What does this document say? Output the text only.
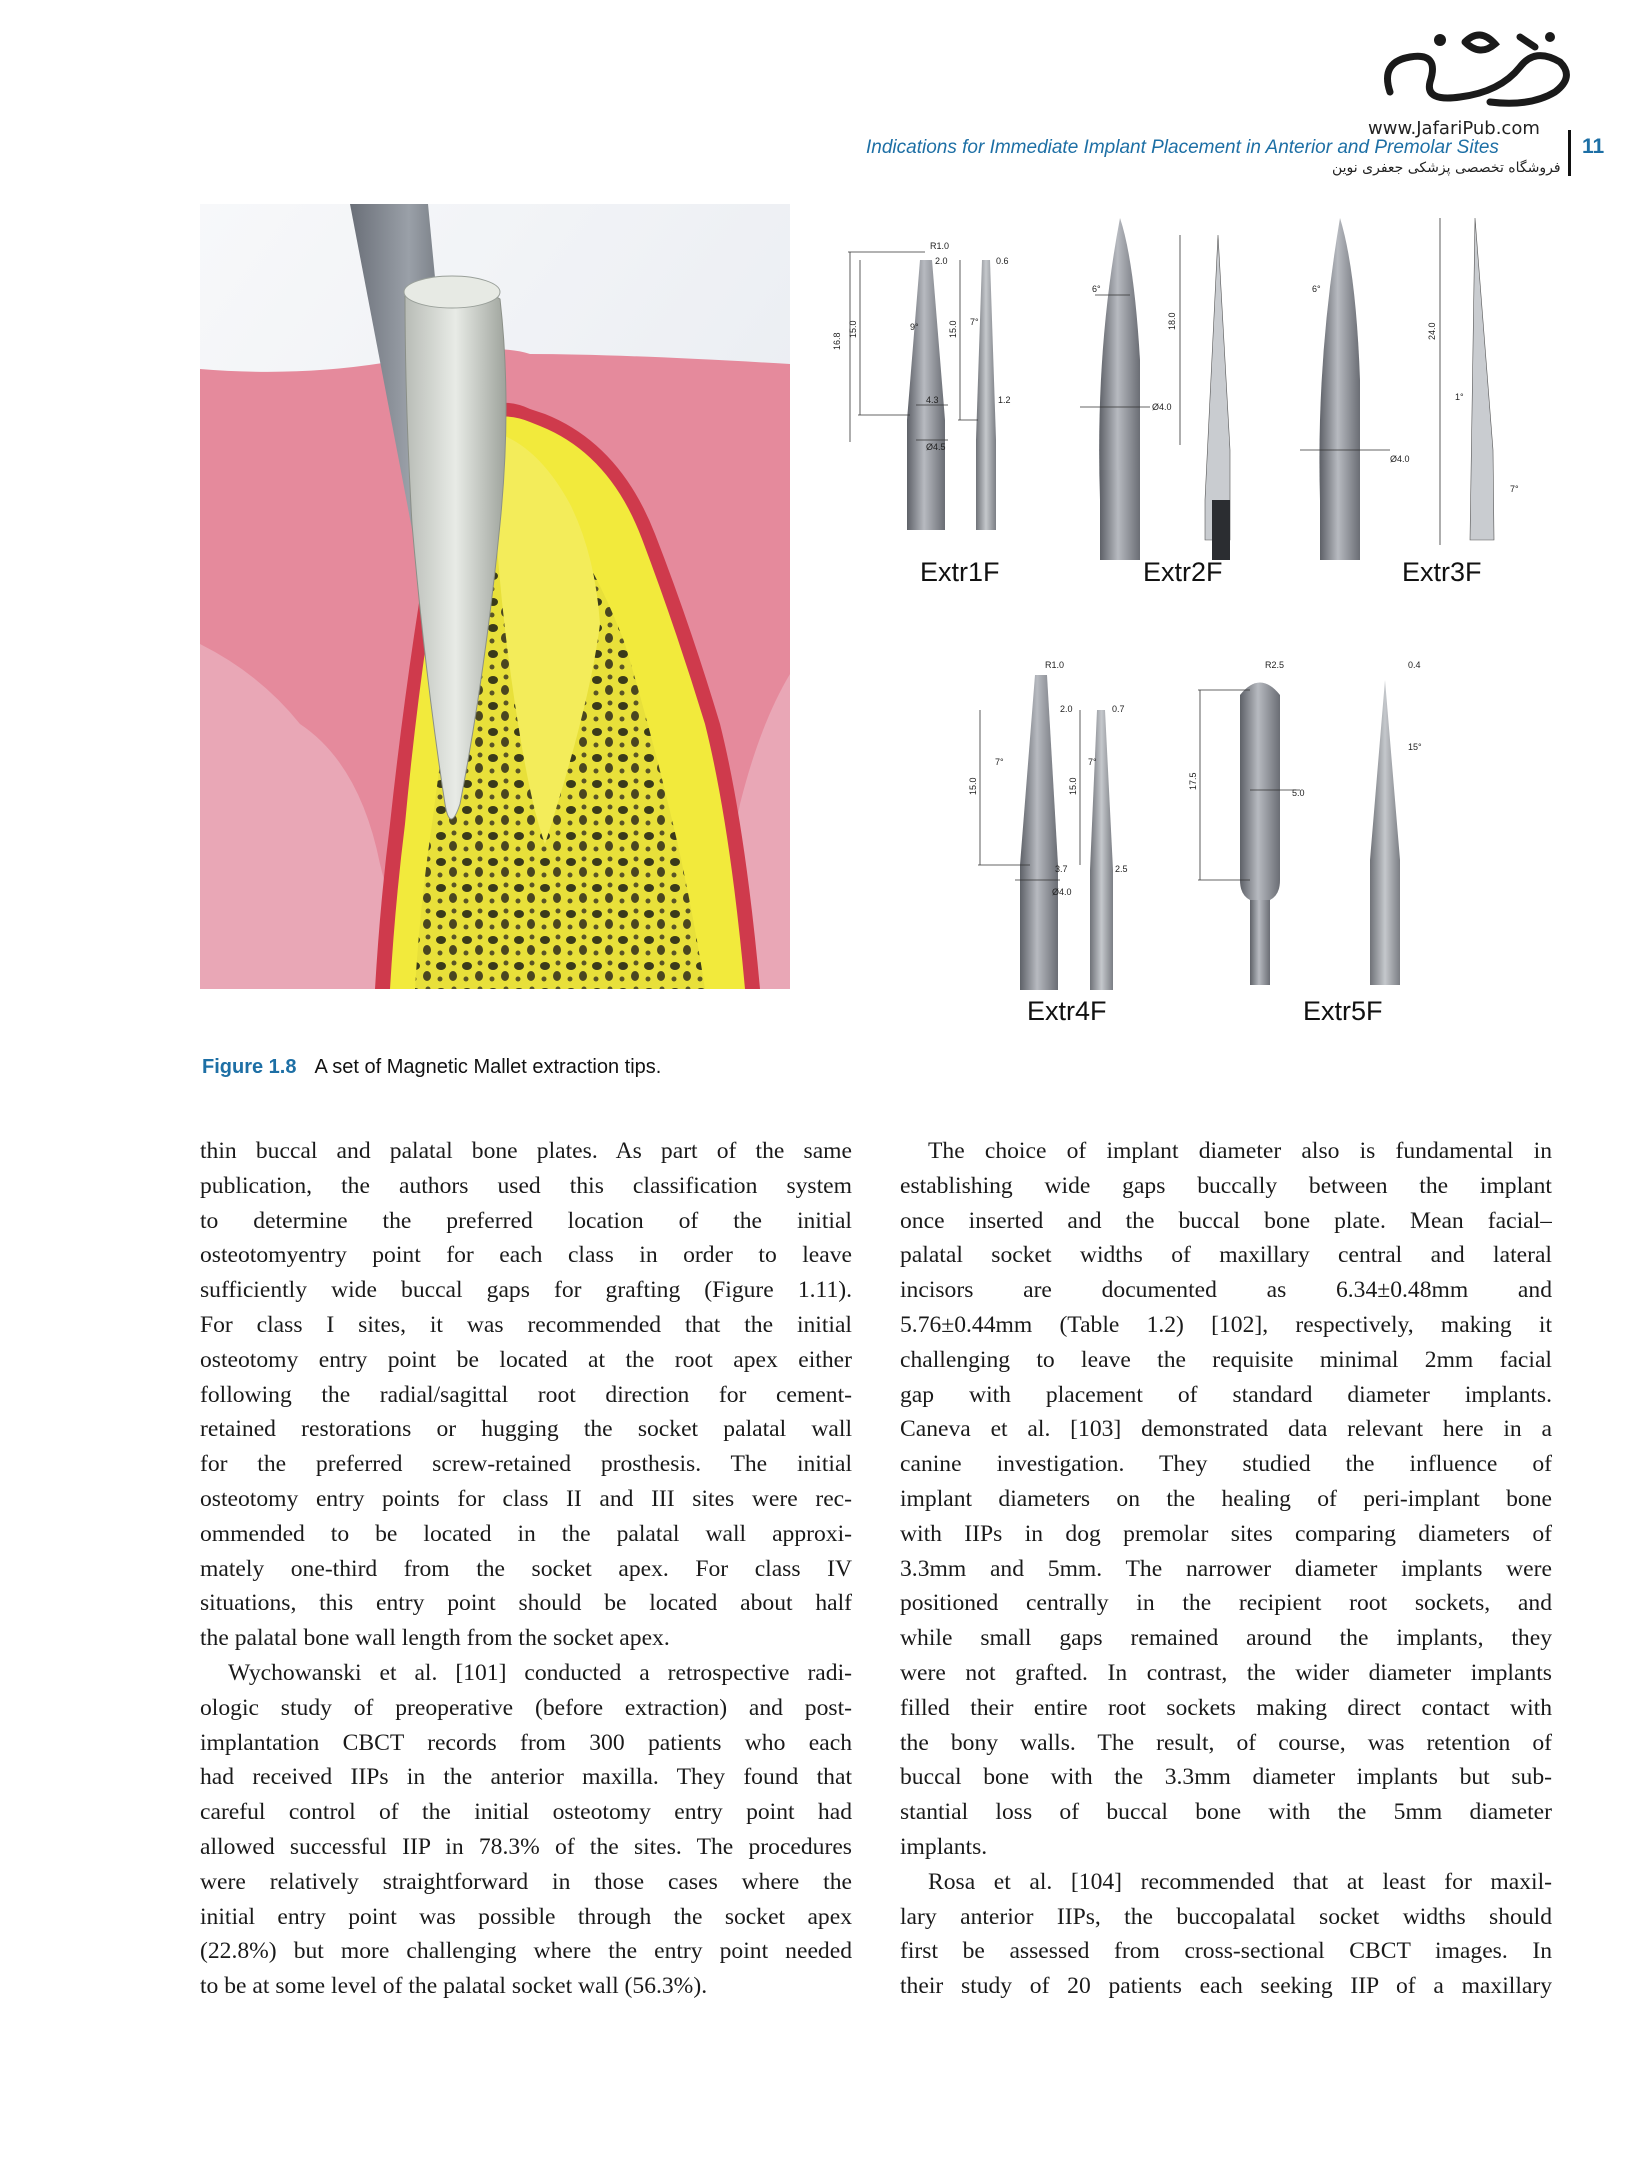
www.JafariPub.com
Indications for Immediate Implant Placement in Anterior and Premolar Sites	11
فروشگاه تخصصی پزشکی جعفری نوین
R1.0
2.0	0.6
16.8
15.0	9°	15.0 7°
4.3
Ø4.5
1.2
6°
18.0
Ø4.0
6°
24.0
1°
Ø4.0
7°
R1.0
2.0	0.7
15.0
7°
15.0
7°
3.7	2.5
Ø4.0
R2.5	0.4
17.5
5.0
15°
Extr1F	Extr2F	Extr3F
Extr4F	Extr5F
Figure 1.8 A set of Magnetic Mallet extraction tips.
thin buccal and palatal bone plates. As part of the same
publication, the authors used this classification system
to determine the preferred location of the initial
osteotomyentry point for each class in order to leave
sufficiently wide buccal gaps for grafting (Figure 1.11).
For class I sites, it was recommended that the initial
osteotomy entry point be located at the root apex either
following the radial/sagittal root direction for cement-
retained restorations or hugging the socket palatal wall
for the preferred screw-retained prosthesis. The initial
osteotomy entry points for class II and III sites were rec-
ommended to be located in the palatal wall approxi-
mately one-third from the socket apex. For class IV
situations, this entry point should be located about half
the palatal bone wall length from the socket apex.
Wychowanski et al. [101] conducted a retrospective radi-
ologic study of preoperative (before extraction) and post-
implantation CBCT records from 300 patients who each
had received IIPs in the anterior maxilla. They found that
careful control of the initial osteotomy entry point had
allowed successful IIP in 78.3% of the sites. The procedures
were relatively straightforward in those cases where the
initial entry point was possible through the socket apex
(22.8%) but more challenging where the entry point needed
to be at some level of the palatal socket wall (56.3%).
The choice of implant diameter also is fundamental in
establishing wide gaps buccally between the implant
once inserted and the buccal bone plate. Mean facial–
palatal socket widths of maxillary central and lateral
incisors are documented as 6.34±0.48mm and
5.76±0.44mm (Table 1.2) [102], respectively, making it
challenging to leave the requisite minimal 2mm facial
gap with placement of standard diameter implants.
Caneva et al. [103] demonstrated data relevant here in a
canine investigation. They studied the influence of
implant diameters on the healing of peri-implant bone
with IIPs in dog premolar sites comparing diameters of
3.3mm and 5mm. The narrower diameter implants were
positioned centrally in the recipient root sockets, and
while small gaps remained around the implants, they
were not grafted. In contrast, the wider diameter implants
filled their entire root sockets making direct contact with
the bony walls. The result, of course, was retention of
buccal bone with the 3.3mm diameter implants but sub-
stantial loss of buccal bone with the 5mm diameter
implants.
Rosa et al. [104] recommended that at least for maxil-
lary anterior IIPs, the buccopalatal socket widths should
first be assessed from cross-sectional CBCT images. In
their study of 20 patients each seeking IIP of a maxillary
